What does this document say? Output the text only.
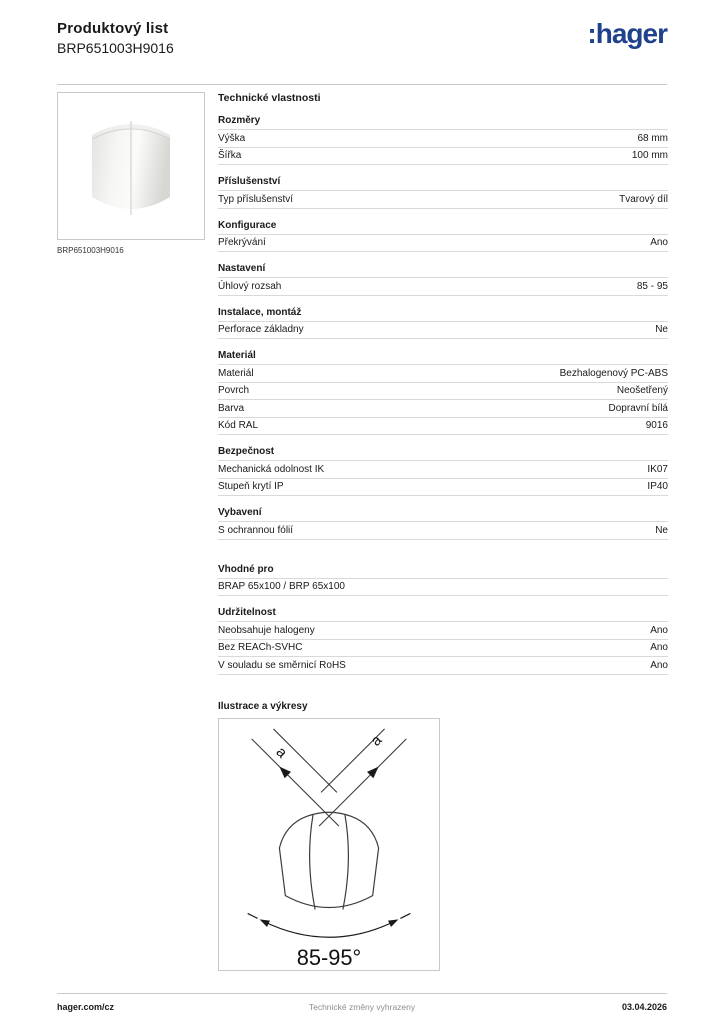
Produktový list
BRP651003H9016	:hager
BRP651003H9016
Technické vlastnosti
Rozměry
Výška	68 mm
Šířka	100 mm
Příslušenství
Typ příslušenství	Tvarový díl
Konfigurace
Překrývání	Ano
Nastavení
Úhlový rozsah	85 - 95
Instalace, montáž
Perforace základny	Ne
Materiál
Materiál	Bezhalogenový PC-ABS
Povrch	Neošetřený
Barva	Dopravní bílá
Kód RAL	9016
Bezpečnost
Mechanická odolnost IK	IK07
Stupeň krytí IP	IP40
Vybavení
S ochrannou fólií	Ne
Vhodné pro
BRAP 65x100 / BRP 65x100
Udržitelnost
Neobsahuje halogeny	Ano
Bez REACh-SVHC	Ano
V souladu se směrnicí RoHS	Ano
Ilustrace a výkresy
a
a
85-95°
hager.com/cz	Technické změny vyhrazeny	03.04.2026
